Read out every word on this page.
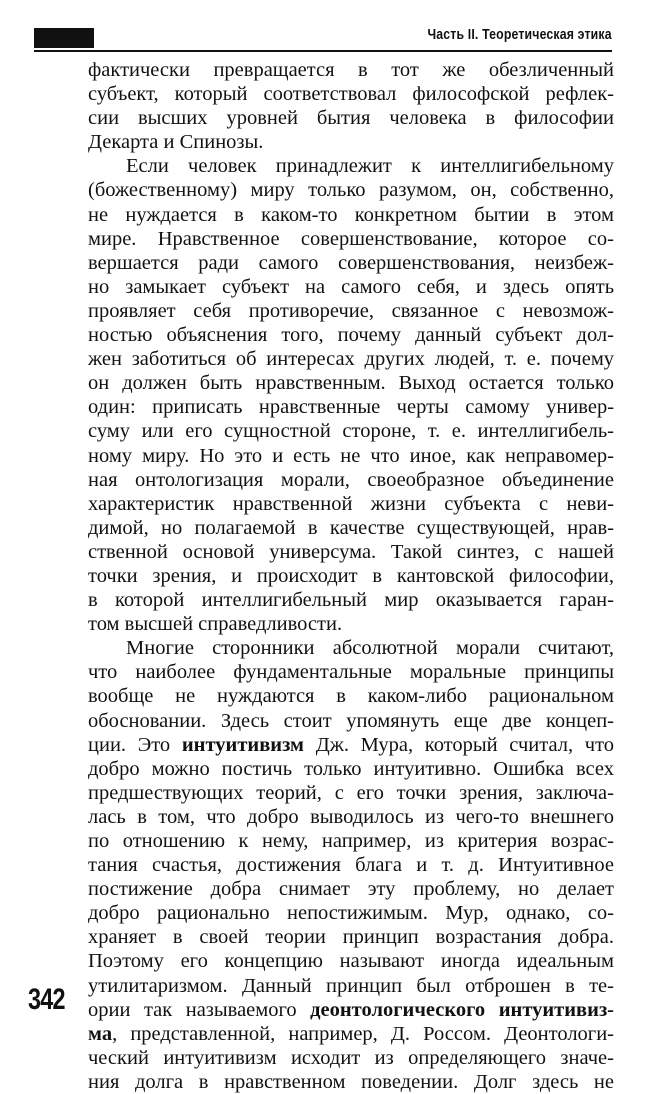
Часть II. Теоретическая этика
фактически превращается в тот же обезличенный
субъект, который соответствовал философской рефлек-
сии высших уровней бытия человека в философии
Декарта и Спинозы.
Если человек принадлежит к интеллигибельному
(божественному) миру только разумом, он, собственно,
не нуждается в каком-то конкретном бытии в этом
мире. Нравственное совершенствование, которое со-
вершается ради самого совершенствования, неизбеж-
но замыкает субъект на самого себя, и здесь опять
проявляет себя противоречие, связанное с невозмож-
ностью объяснения того, почему данный субъект дол-
жен заботиться об интересах других людей, т. е. почему
он должен быть нравственным. Выход остается только
один: приписать нравственные черты самому универ-
суму или его сущностной стороне, т. е. интеллигибель-
ному миру. Но это и есть не что иное, как неправомер-
ная онтологизация морали, своеобразное объединение
характеристик нравственной жизни субъекта с неви-
димой, но полагаемой в качестве существующей, нрав-
ственной основой универсума. Такой синтез, с нашей
точки зрения, и происходит в кантовской философии,
в которой интеллигибельный мир оказывается гаран-
том высшей справедливости.
Многие сторонники абсолютной морали считают,
что наиболее фундаментальные моральные принципы
вообще не нуждаются в каком-либо рациональном
обосновании. Здесь стоит упомянуть еще две концеп-
ции. Это интуитивизм Дж. Мура, который считал, что
добро можно постичь только интуитивно. Ошибка всех
предшествующих теорий, с его точки зрения, заключа-
лась в том, что добро выводилось из чего-то внешнего
по отношению к нему, например, из критерия возрас-
тания счастья, достижения блага и т. д. Интуитивное
постижение добра снимает эту проблему, но делает
добро рационально непостижимым. Мур, однако, со-
храняет в своей теории принцип возрастания добра.
Поэтому его концепцию называют иногда идеальным
утилитаризмом. Данный принцип был отброшен в те-
ории так называемого деонтологического интуитивиз-
ма, представленной, например, Д. Россом. Деонтологи-
ческий интуитивизм исходит из определяющего значе-
ния долга в нравственном поведении. Долг здесь не
342
